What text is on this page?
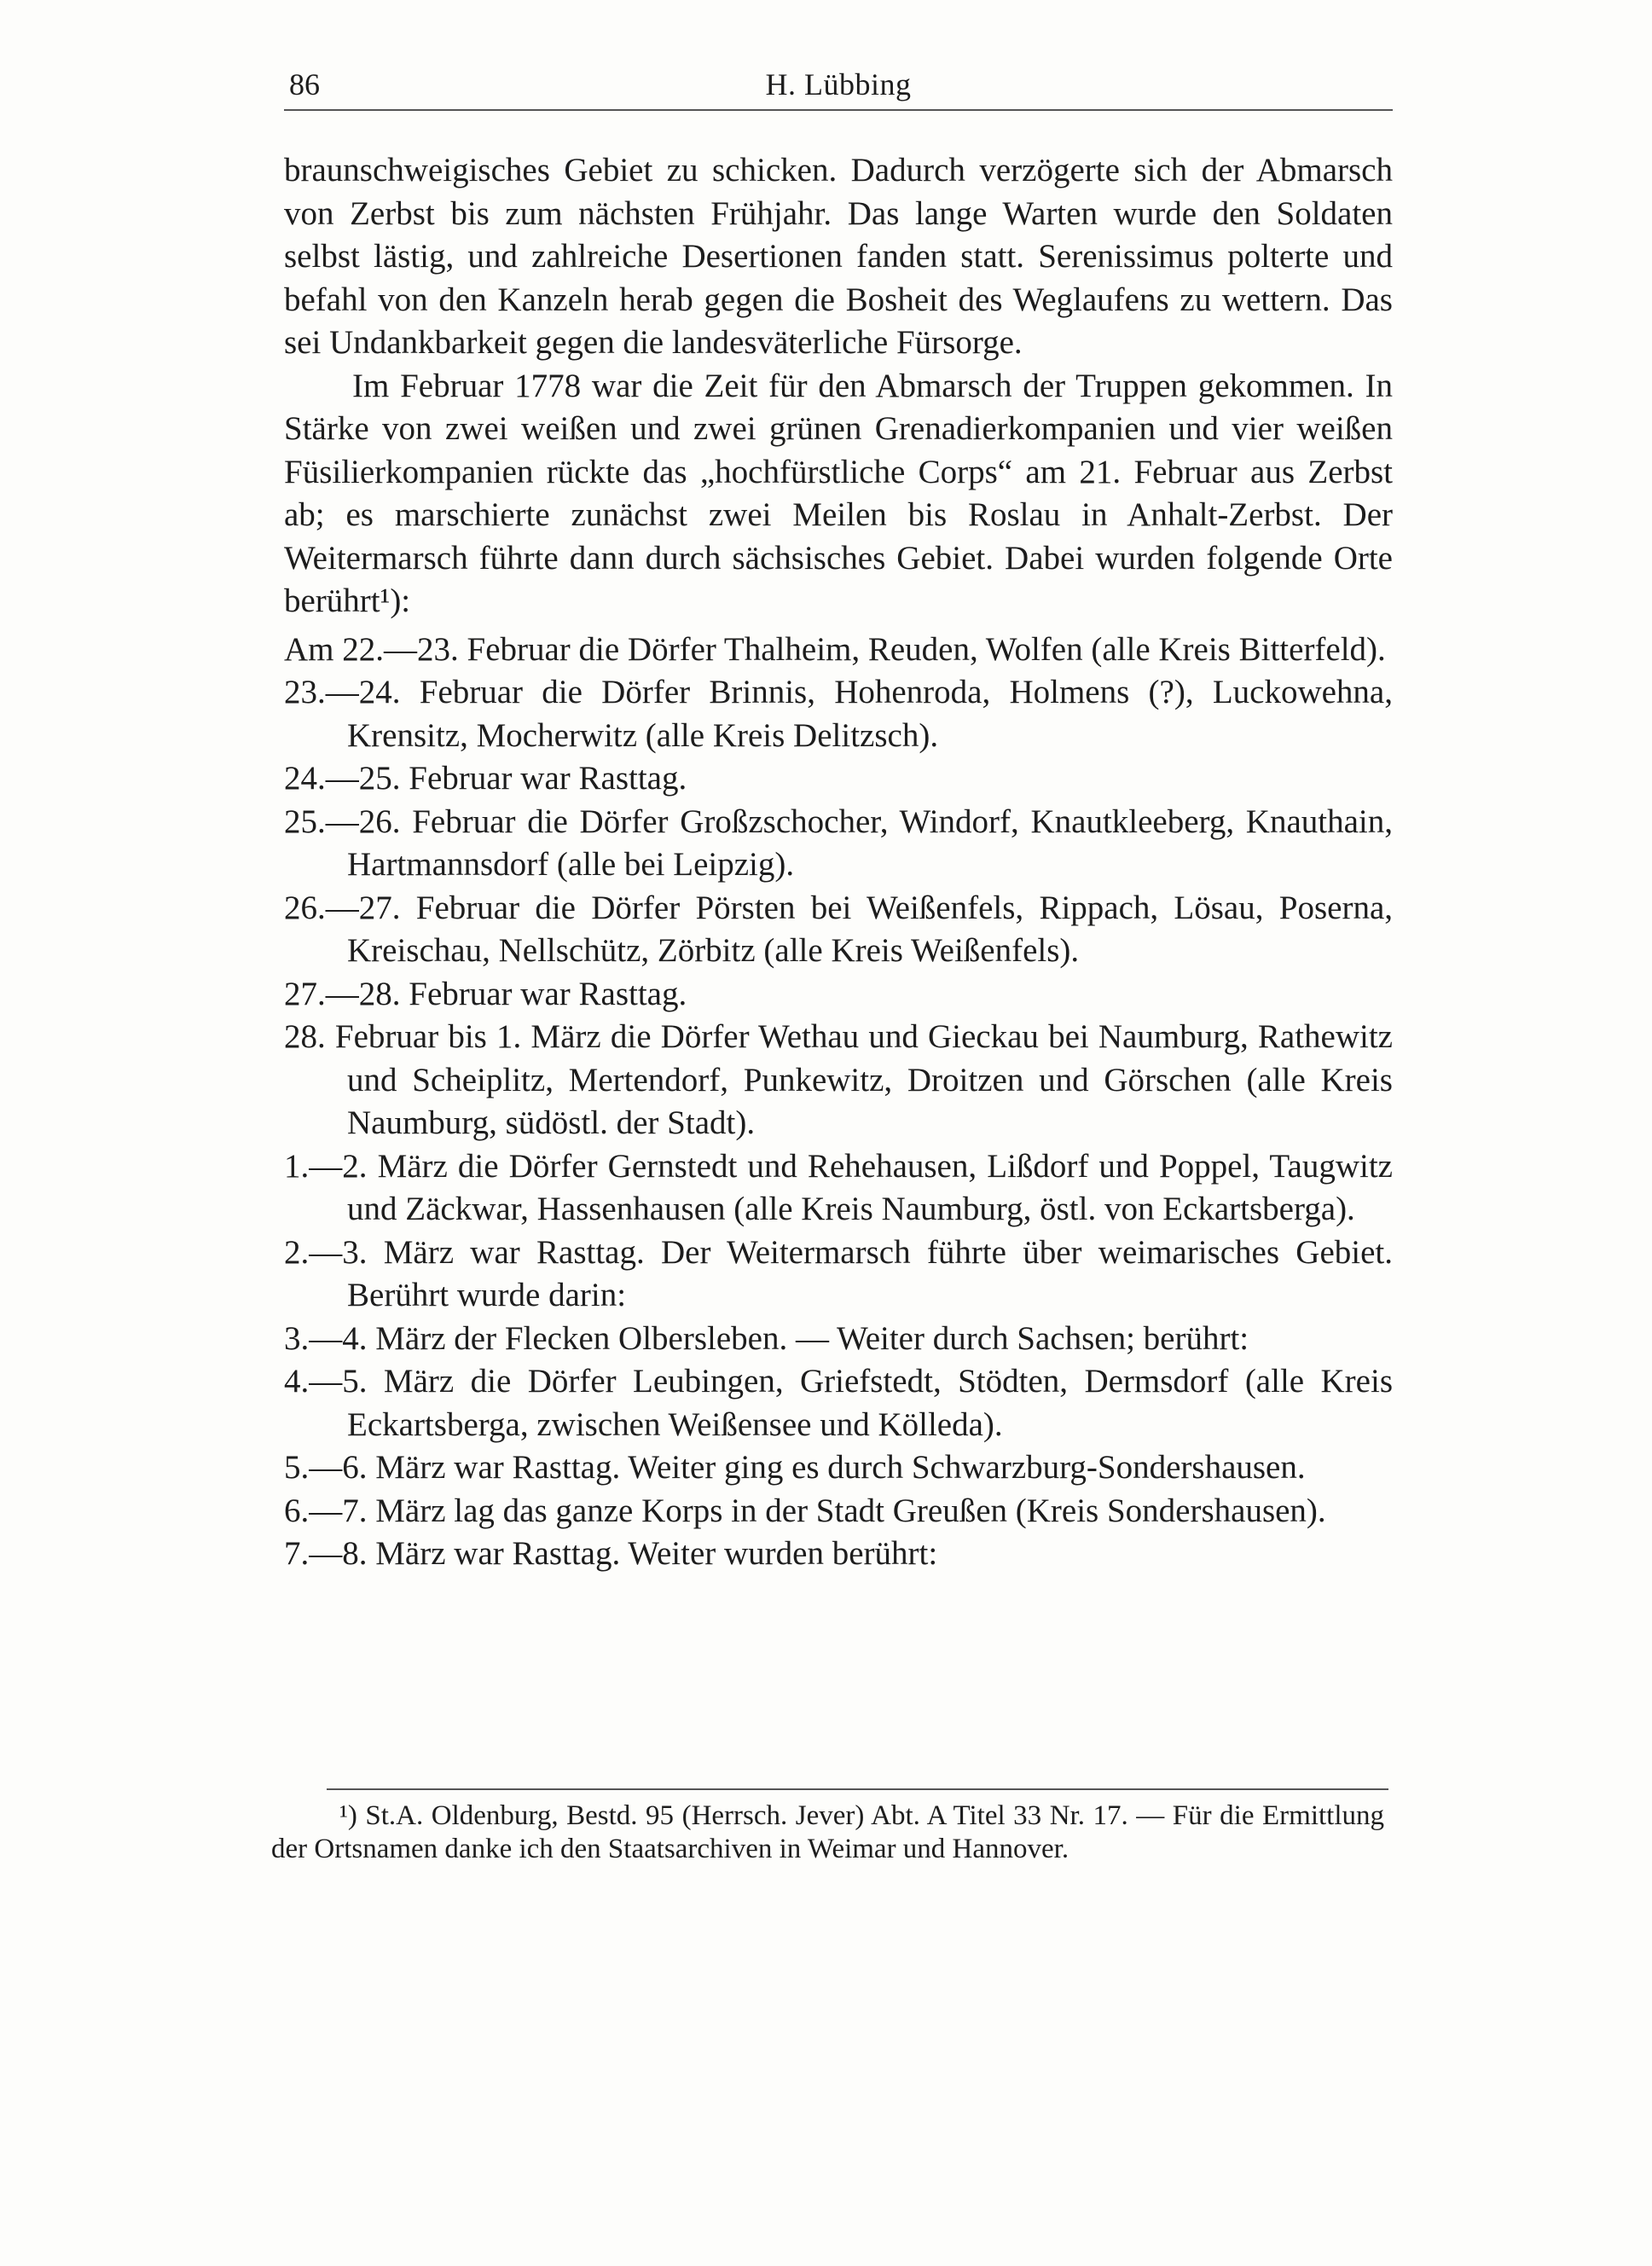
86	H. Lübbing

braunschweigisches Gebiet zu schicken. Dadurch verzögerte sich der Abmarsch von Zerbst bis zum nächsten Frühjahr. Das lange Warten wurde den Soldaten selbst lästig, und zahlreiche Desertionen fanden statt. Serenissimus polterte und befahl von den Kanzeln herab gegen die Bosheit des Weglaufens zu wettern. Das sei Undankbarkeit gegen die landesväterliche Fürsorge.

Im Februar 1778 war die Zeit für den Abmarsch der Truppen gekommen. In Stärke von zwei weißen und zwei grünen Grenadierkompanien und vier weißen Füsilierkompanien rückte das „hochfürstliche Corps“ am 21. Februar aus Zerbst ab; es marschierte zunächst zwei Meilen bis Roslau in Anhalt-Zerbst. Der Weitermarsch führte dann durch sächsisches Gebiet. Dabei wurden folgende Orte berührt¹):

Am 22.—23. Februar die Dörfer Thalheim, Reuden, Wolfen (alle Kreis Bitterfeld).
23.—24. Februar die Dörfer Brinnis, Hohenroda, Holmens (?), Luckowehna, Krensitz, Mocherwitz (alle Kreis Delitzsch).
24.—25. Februar war Rasttag.
25.—26. Februar die Dörfer Großzschocher, Windorf, Knautkleeberg, Knauthain, Hartmannsdorf (alle bei Leipzig).
26.—27. Februar die Dörfer Pörsten bei Weißenfels, Rippach, Lösau, Poserna, Kreischau, Nellschütz, Zörbitz (alle Kreis Weißenfels).
27.—28. Februar war Rasttag.
28. Februar bis 1. März die Dörfer Wethau und Gieckau bei Naumburg, Rathewitz und Scheiplitz, Mertendorf, Punkewitz, Droitzen und Görschen (alle Kreis Naumburg, südöstl. der Stadt).
1.—2. März die Dörfer Gernstedt und Rehehausen, Lißdorf und Poppel, Taugwitz und Zäckwar, Hassenhausen (alle Kreis Naumburg, östl. von Eckartsberga).
2.—3. März war Rasttag. Der Weitermarsch führte über weimarisches Gebiet. Berührt wurde darin:
3.—4. März der Flecken Olbersleben. — Weiter durch Sachsen; berührt:
4.—5. März die Dörfer Leubingen, Griefstedt, Stödten, Dermsdorf (alle Kreis Eckartsberga, zwischen Weißensee und Kölleda).
5.—6. März war Rasttag. Weiter ging es durch Schwarzburg-Sondershausen.
6.—7. März lag das ganze Korps in der Stadt Greußen (Kreis Sondershausen).
7.—8. März war Rasttag. Weiter wurden berührt:

¹) St.A. Oldenburg, Bestd. 95 (Herrsch. Jever) Abt. A Titel 33 Nr. 17. — Für die Ermittlung der Ortsnamen danke ich den Staatsarchiven in Weimar und Hannover.
